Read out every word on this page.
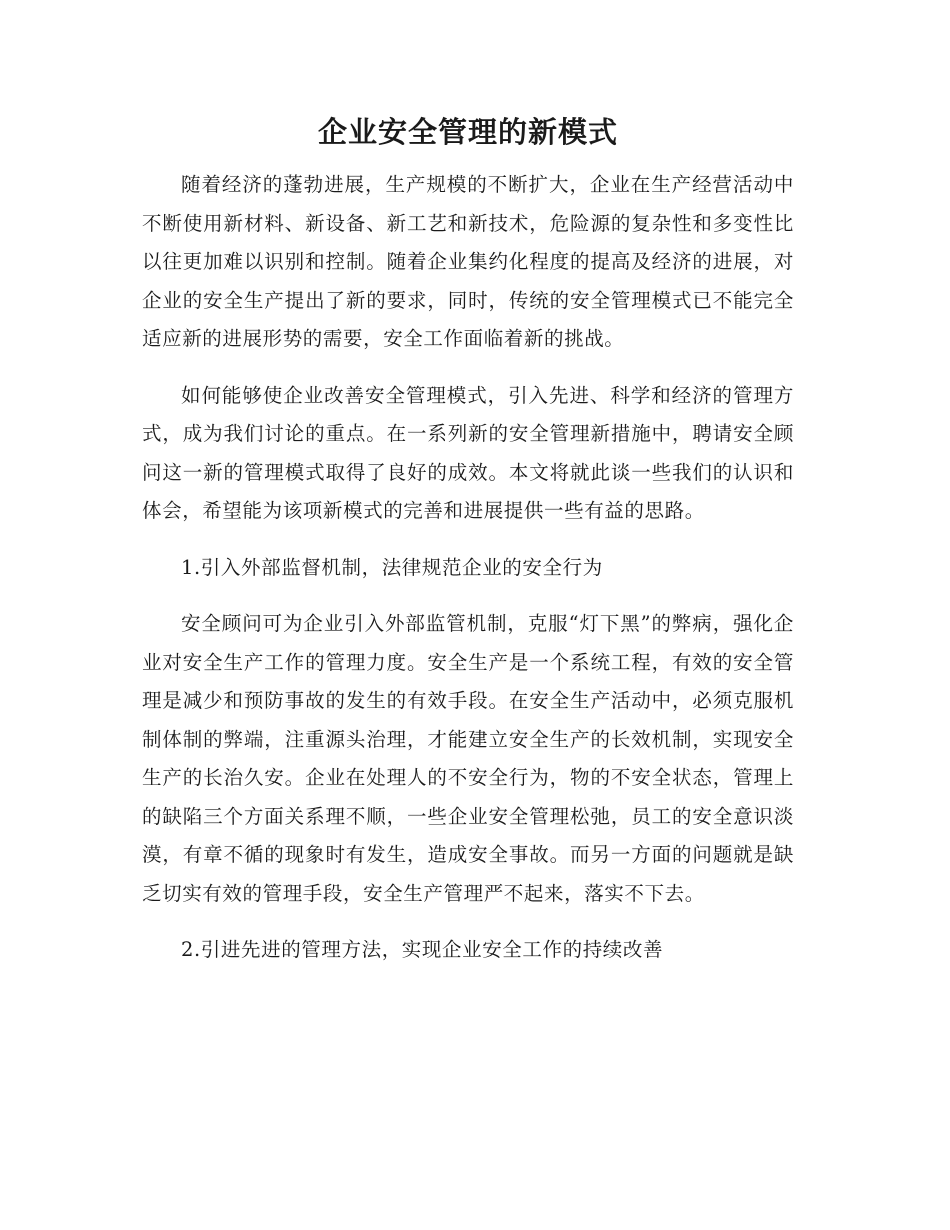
企业安全管理的新模式

随着经济的蓬勃进展，生产规模的不断扩大，企业在生产经营活动中不断使用新材料、新设备、新工艺和新技术，危险源的复杂性和多变性比以往更加难以识别和控制。随着企业集约化程度的提高及经济的进展，对企业的安全生产提出了新的要求，同时，传统的安全管理模式已不能完全适应新的进展形势的需要，安全工作面临着新的挑战。

如何能够使企业改善安全管理模式，引入先进、科学和经济的管理方式，成为我们讨论的重点。在一系列新的安全管理新措施中，聘请安全顾问这一新的管理模式取得了良好的成效。本文将就此谈一些我们的认识和体会，希望能为该项新模式的完善和进展提供一些有益的思路。

1.引入外部监督机制，法律规范企业的安全行为

安全顾问可为企业引入外部监管机制，克服“灯下黑”的弊病，强化企业对安全生产工作的管理力度。安全生产是一个系统工程，有效的安全管理是减少和预防事故的发生的有效手段。在安全生产活动中，必须克服机制体制的弊端，注重源头治理，才能建立安全生产的长效机制，实现安全生产的长治久安。企业在处理人的不安全行为，物的不安全状态，管理上的缺陷三个方面关系理不顺，一些企业安全管理松弛，员工的安全意识淡漠，有章不循的现象时有发生，造成安全事故。而另一方面的问题就是缺乏切实有效的管理手段，安全生产管理严不起来，落实不下去。

2.引进先进的管理方法，实现企业安全工作的持续改善
